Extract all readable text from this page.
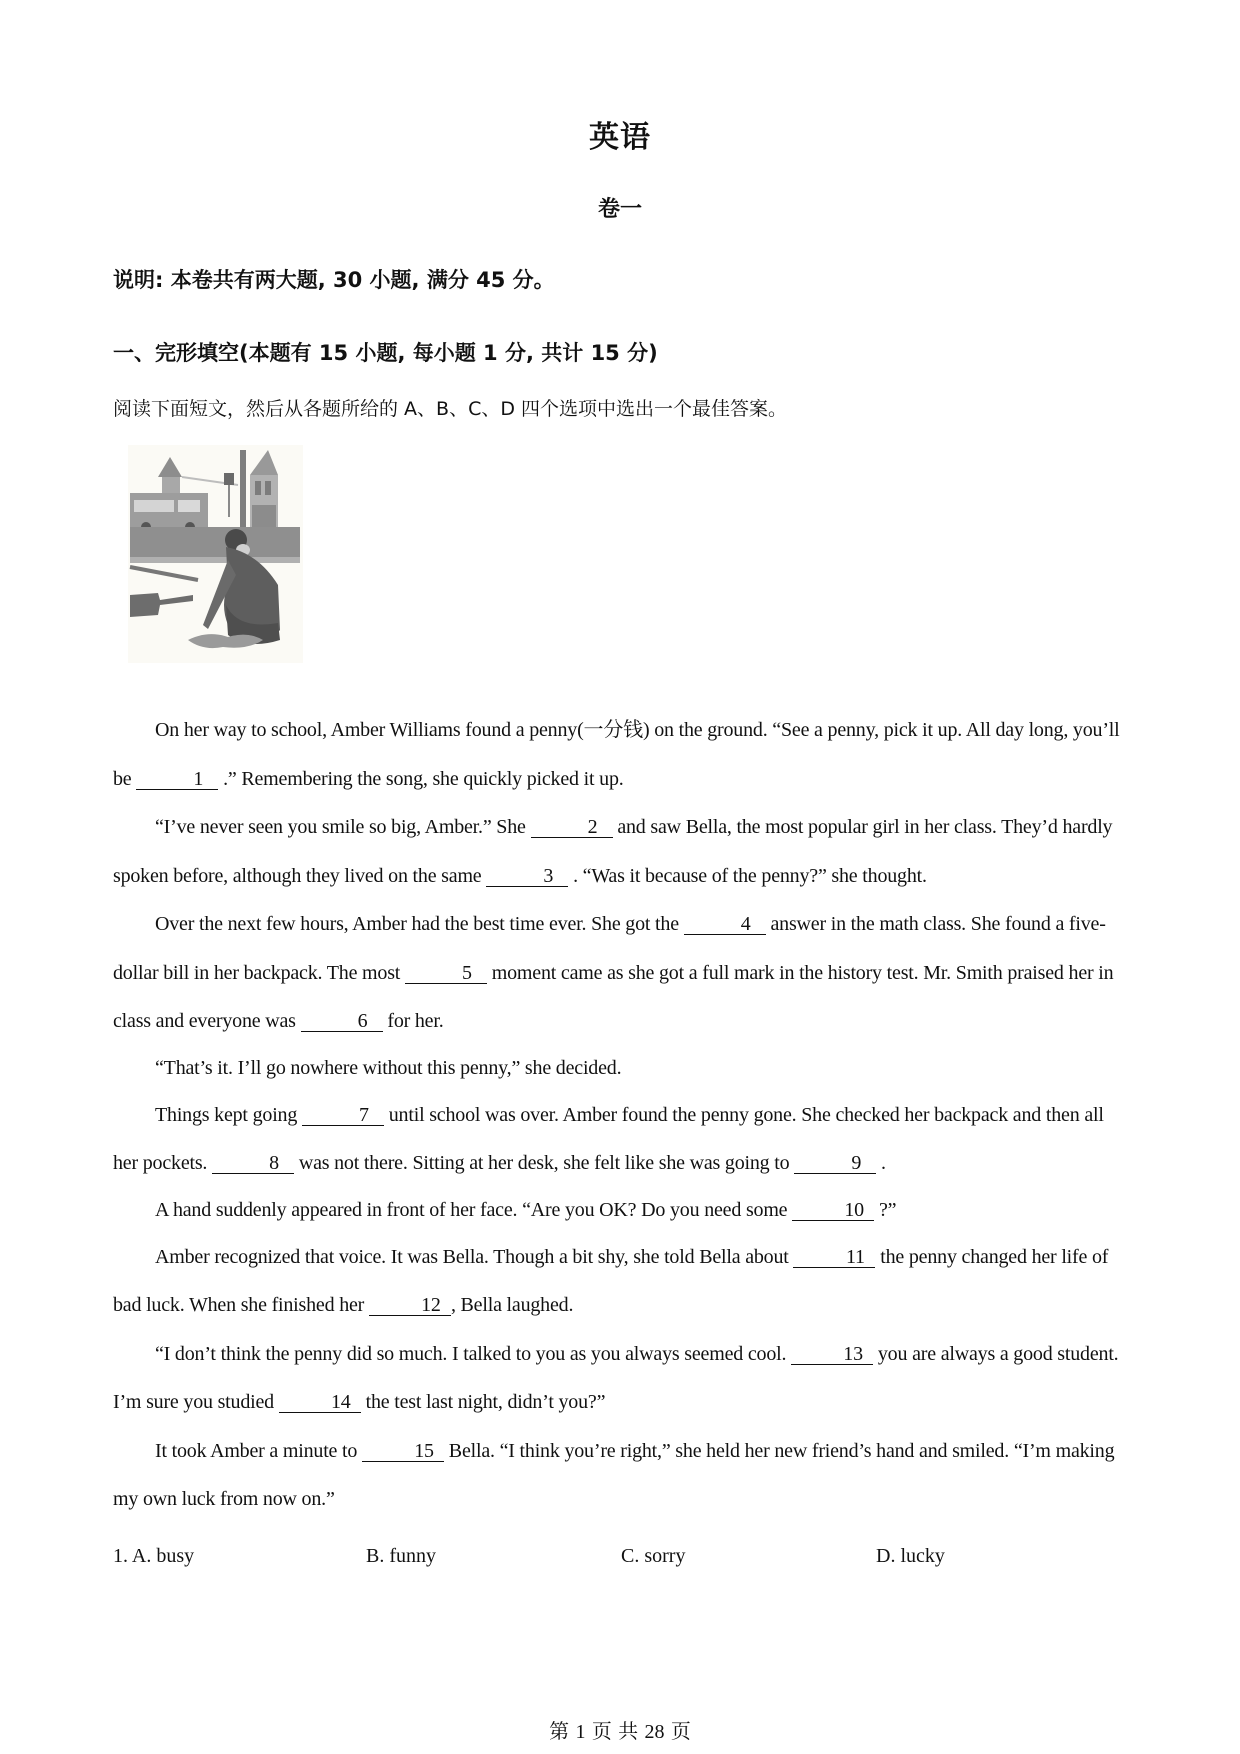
英语
卷一
说明: 本卷共有两大题, 30 小题, 满分 45 分。
一、完形填空(本题有 15 小题, 每小题 1 分, 共计 15 分)
阅读下面短文，然后从各题所给的 A、B、C、D 四个选项中选出一个最佳答案。

On her way to school, Amber Williams found a penny(一分钱) on the ground. “See a penny, pick it up. All day long, you’ll be	1 .” Remembering the song, she quickly picked it up.

“I’ve never seen you smile so big, Amber.” She	2 and saw Bella, the most popular girl in her class. They’d hardly spoken before, although they lived on the same	3 . “Was it because of the penny?” she thought.

Over the next few hours, Amber had the best time ever. She got the	4 answer in the math class. She found a five-dollar bill in her backpack. The most	5 moment came as she got a full mark in the history test. Mr. Smith praised her in class and everyone was	6 for her.

“That’s it. I’ll go nowhere without this penny,” she decided.

Things kept going	7 until school was over. Amber found the penny gone. She checked her backpack and then all her pockets.	8 was not there. Sitting at her desk, she felt like she was going to	9 .

A hand suddenly appeared in front of her face. “Are you OK? Do you need some	10 ?”

Amber recognized that voice. It was Bella. Though a bit shy, she told Bella about	11 the penny changed her life of bad luck. When she finished her	12 , Bella laughed.

“I don’t think the penny did so much. I talked to you as you always seemed cool.	13 you are always a good student. I’m sure you studied	14 the test last night, didn’t you?”

It took Amber a minute to	15 Bella. “I think you’re right,” she held her new friend’s hand and smiled. “I’m making my own luck from now on.”

1. A. busy	B. funny	C. sorry	D. lucky
第 1 页 共 28 页
